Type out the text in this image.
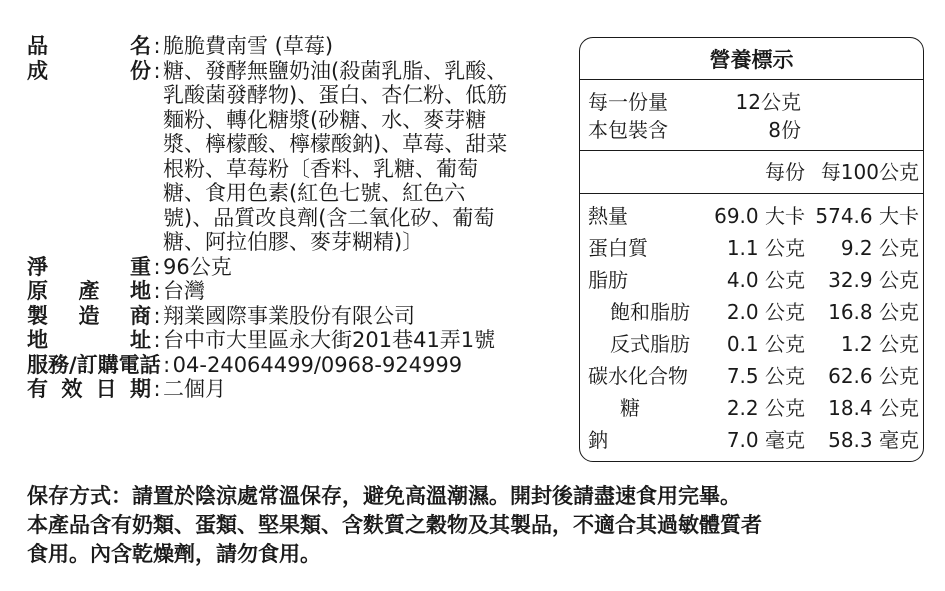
品	名 : 脆脆費南雪 (草莓)
成	份 : 糖、發酵無鹽奶油(殺菌乳脂、乳酸、
乳酸菌發酵物)、蛋白、杏仁粉、低筋
麵粉、轉化糖漿(砂糖、水、麥芽糖
漿、檸檬酸、檸檬酸鈉)、草莓、甜菜
根粉、草莓粉〔香料、乳糖、葡萄
糖、食用色素(紅色七號、紅色六
號)、品質改良劑(含二氧化矽、葡萄
糖、阿拉伯膠、麥芽糊精)〕
淨	重 : 96公克
原 產 地 : 台灣
製 造 商 : 翔業國際事業股份有限公司
地	址 : 台中市大里區永大街201巷41弄1號
服務/訂購電話 : 04-24064499/0968-924999
有 效 日 期 : 二個月
營養標示
每一份量	12公克
本包裝含	8份
每份 每100公克
熱量	69.0 大卡 574.6 大卡
蛋白質	1.1 公克 9.2 公克
脂肪	4.0 公克 32.9 公克
飽和脂肪 2.0 公克 16.8 公克
反式脂肪 0.1 公克 1.2 公克
碳水化合物 7.5 公克 62.6 公克
糖	2.2 公克 18.4 公克
鈉	7.0 毫克 58.3 毫克

保存方式：請置於陰涼處常溫保存，避免高溫潮濕。開封後請盡速食用完畢。

本產品含有奶類、蛋類、堅果類、含麩質之穀物及其製品，不適合其過敏體質者

食用。內含乾燥劑，請勿食用。
